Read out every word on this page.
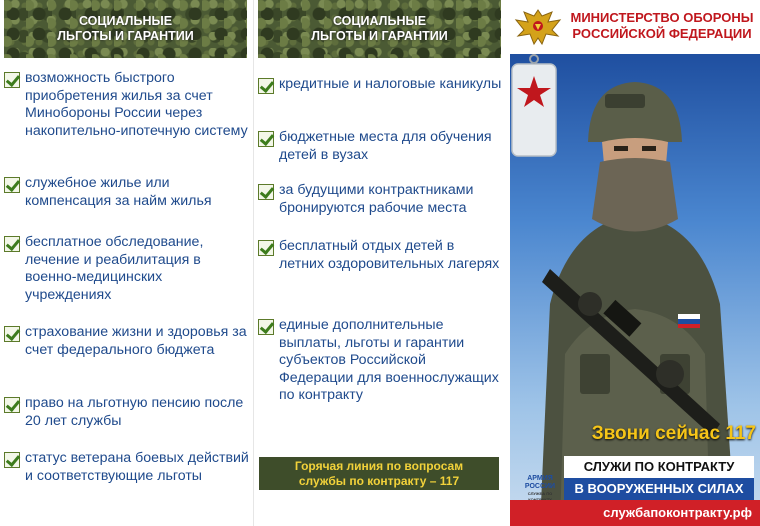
СОЦИАЛЬНЫЕ
ЛЬГОТЫ И ГАРАНТИИ
возможность быстрого приобретения жилья за счет Минобороны России через накопительно-ипотечную систему
служебное жилье или компенсация за найм жилья
бесплатное обследование, лечение и реабилитация в военно-медицинских учреждениях
страхование жизни и здоровья за счет федерального бюджета
право на льготную пенсию после 20 лет службы
статус ветерана боевых действий и соответствующие льготы
СОЦИАЛЬНЫЕ
ЛЬГОТЫ И ГАРАНТИИ
кредитные и налоговые каникулы
бюджетные места для обучения детей в вузах
за будущими контрактниками бронируются рабочие места
бесплатный отдых детей в летних оздоровительных лагерях
единые дополнительные выплаты, льготы и гарантии субъектов Российской Федерации для военнослужащих по контракту
Горячая линия по вопросам
службы по контракту – 117
МИНИСТЕРСТВО ОБОРОНЫ
РОССИЙСКОЙ ФЕДЕРАЦИИ
АРМИЯ
РОССИИ
СЛУЖБА ПО
Звони сейчас 117
СЛУЖИ ПО КОНТРАКТУ
В ВООРУЖЕННЫХ СИЛАХ
службапоконтракту.рф
